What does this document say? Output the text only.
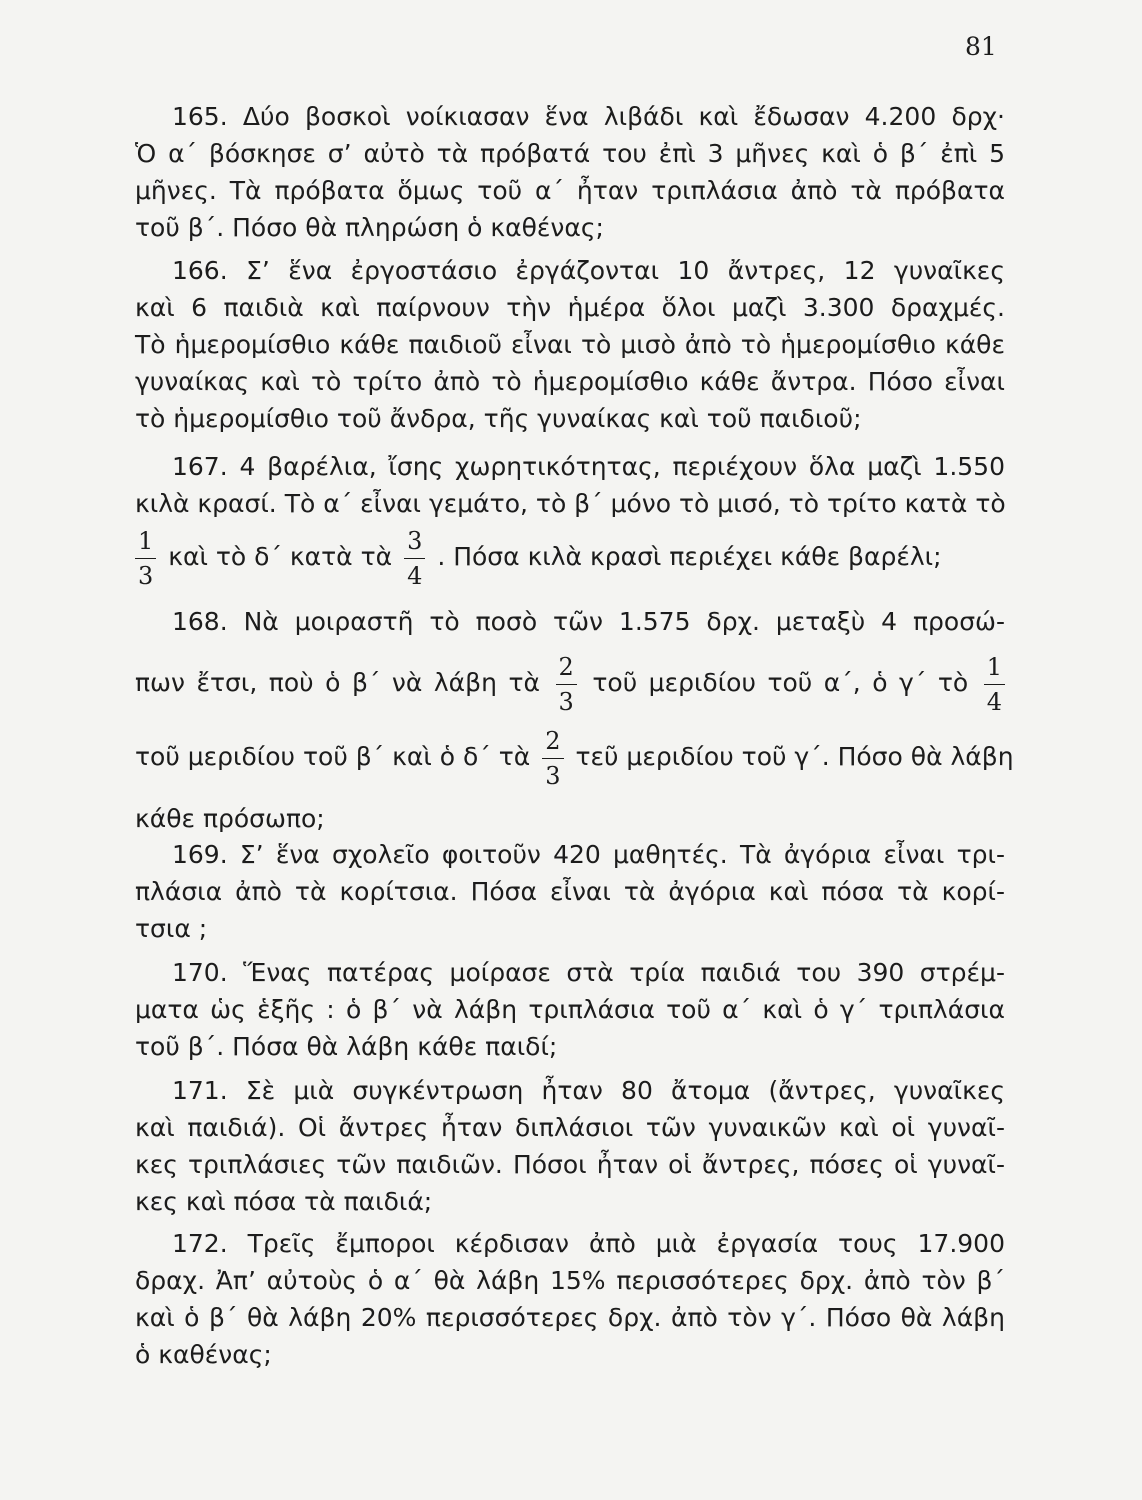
81
165. Δύο βοσκοὶ νοίκιασαν ἕνα λιβάδι καὶ ἔδωσαν 4.200 δρχ·
Ὁ α΄ βόσκησε σ’ αὐτὸ τὰ πρόβατά του ἐπὶ 3 μῆνες καὶ ὁ β΄ ἐπὶ 5
μῆνες. Τὰ πρόβατα ὅμως τοῦ α΄ ἦταν τριπλάσια ἀπὸ τὰ πρόβατα
τοῦ β΄. Πόσο θὰ πληρώση ὁ καθένας;
166. Σ’ ἕνα ἐργοστάσιο ἐργάζονται 10 ἄντρες, 12 γυναῖκες
καὶ 6 παιδιὰ καὶ παίρνουν τὴν ἡμέρα ὅλοι μαζὶ 3.300 δραχμές.
Τὸ ἡμερομίσθιο κάθε παιδιοῦ εἶναι τὸ μισὸ ἀπὸ τὸ ἡμερομίσθιο κάθε
γυναίκας καὶ τὸ τρίτο ἀπὸ τὸ ἡμερομίσθιο κάθε ἄντρα. Πόσο εἶναι
τὸ ἡμερομίσθιο τοῦ ἄνδρα, τῆς γυναίκας καὶ τοῦ παιδιοῦ;
167. 4 βαρέλια, ἴσης χωρητικότητας, περιέχουν ὅλα μαζὶ 1.550
κιλὰ κρασί. Τὸ α΄ εἶναι γεμάτο, τὸ β΄ μόνο τὸ μισό, τὸ τρίτο κατὰ τὸ
$\frac{1}{3}$ καὶ τὸ δ΄ κατὰ τὰ $\frac{3}{4}$ . Πόσα κιλὰ κρασὶ περιέχει κάθε βαρέλι;
168. Νὰ μοιραστῆ τὸ ποσὸ τῶν 1.575 δρχ. μεταξὺ 4 προσώ-
πων ἔτσι, ποὺ ὁ β΄ νὰ λάβη τὰ $\frac{2}{3}$ τοῦ μεριδίου τοῦ α΄, ὁ γ΄ τὸ $\frac{1}{4}$
τοῦ μεριδίου τοῦ β΄ καὶ ὁ δ΄ τὰ $\frac{2}{3}$ τεῦ μεριδίου τοῦ γ΄. Πόσο θὰ λάβη
κάθε πρόσωπο;
169. Σ’ ἕνα σχολεῖο φοιτοῦν 420 μαθητές. Τὰ ἀγόρια εἶναι τρι-
πλάσια ἀπὸ τὰ κορίτσια. Πόσα εἶναι τὰ ἀγόρια καὶ πόσα τὰ κορί-
τσια ;
170. Ἕνας πατέρας μοίρασε στὰ τρία παιδιά του 390 στρέμ-
ματα ὡς ἑξῆς : ὁ β΄ νὰ λάβη τριπλάσια τοῦ α΄ καὶ ὁ γ΄ τριπλάσια
τοῦ β΄. Πόσα θὰ λάβη κάθε παιδί;
171. Σὲ μιὰ συγκέντρωση ἦταν 80 ἄτομα (ἄντρες, γυναῖκες
καὶ παιδιά). Οἱ ἄντρες ἦταν διπλάσιοι τῶν γυναικῶν καὶ οἱ γυναῖ-
κες τριπλάσιες τῶν παιδιῶν. Πόσοι ἦταν οἱ ἄντρες, πόσες οἱ γυναῖ-
κες καὶ πόσα τὰ παιδιά;
172. Τρεῖς ἔμποροι κέρδισαν ἀπὸ μιὰ ἐργασία τους 17.900
δραχ. Ἀπ’ αὐτοὺς ὁ α΄ θὰ λάβη 15% περισσότερες δρχ. ἀπὸ τὸν β΄
καὶ ὁ β΄ θὰ λάβη 20% περισσότερες δρχ. ἀπὸ τὸν γ΄. Πόσο θὰ λάβη
ὁ καθένας;
